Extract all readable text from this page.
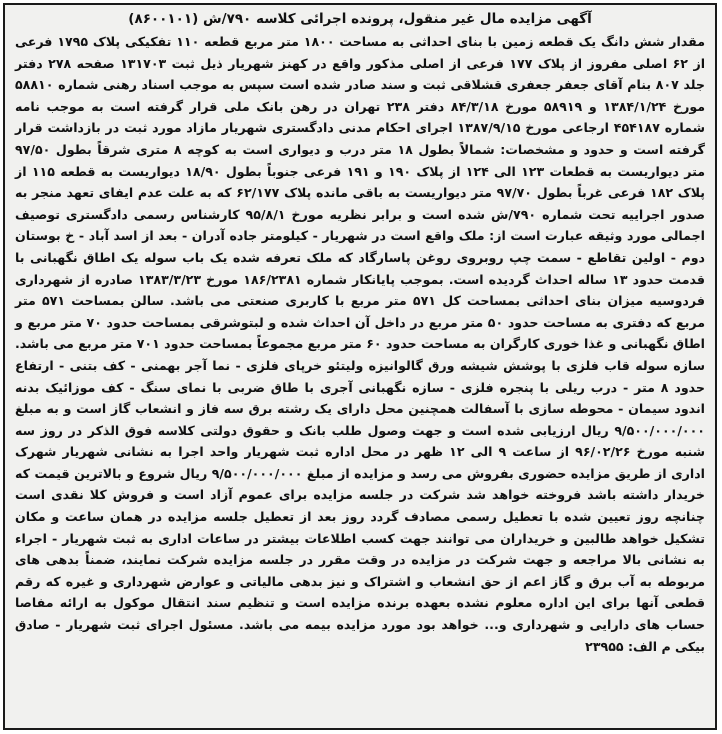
آگهی مزایده مال غیر منقول، پرونده اجرائی کلاسه ۷۹۰/ش (۸۶۰۰۱۰۱)

مقدار شش دانگ یک قطعه زمین با بنای احداثی به مساحت ۱۸۰۰ متر مربع قطعه ۱۱۰ تفکیکی پلاک ۱۷۹۵ فرعی از ۶۲ اصلی مفروز از پلاک ۱۷۷ فرعی از اصلی مذکور واقع در کهنز شهریار ذیل ثبت ۱۳۱۷۰۳ صفحه ۲۷۸ دفتر جلد ۸۰۷ بنام آقای جعفر جعفری قشلاقی ثبت و سند صادر شده است سپس به موجب اسناد رهنی شماره ۵۸۸۱۰ مورخ ۱۳۸۴/۱/۲۴ و ۵۸۹۱۹ مورخ ۸۴/۳/۱۸ دفتر ۲۳۸ تهران در رهن بانک ملی قرار گرفته است به موجب نامه شماره ۴۵۴۱۸۷ ارجاعی مورخ ۱۳۸۷/۹/۱۵ اجرای احکام مدنی دادگستری شهریار مازاد مورد ثبت در بازداشت قرار گرفته است و حدود و مشخصات: شمالاً بطول ۱۸ متر درب و دیواری است به کوچه ۸ متری شرقاً بطول ۹۷/۵۰ متر دیواریست به قطعات ۱۲۳ الی ۱۲۴ از پلاک ۱۹۰ و ۱۹۱ فرعی جنوباً بطول ۱۸/۹۰ دیواریست به قطعه ۱۱۵ از پلاک ۱۸۲ فرعی غرباً بطول ۹۷/۷۰ متر دیواریست به باقی مانده پلاک ۶۲/۱۷۷ که به علت عدم ایفای تعهد منجر به صدور اجراییه تحت شماره ۷۹۰/ش شده است و برابر نظریه مورخ ۹۵/۸/۱ کارشناس رسمی دادگستری توصیف اجمالی مورد وثیقه عبارت است از: ملک واقع است در شهریار - کیلومتر جاده آدران - بعد از اسد آباد - خ بوستان دوم - اولین تقاطع - سمت چپ روبروی روغن پاسارگاد که ملک تعرفه شده یک باب سوله یک اطاق نگهبانی با قدمت حدود ۱۳ ساله احداث گردیده است. بموجب پایانکار شماره ۱۸۶/۲۳۸۱ مورخ ۱۳۸۳/۳/۲۳ صادره از شهرداری فردوسیه میزان بنای احداثی بمساحت کل ۵۷۱ متر مربع با کاربری صنعتی می باشد. سالن بمساحت ۵۷۱ متر مربع که دفتری به مساحت حدود ۵۰ متر مربع در داخل آن احداث شده و لبتوشرقی بمساحت حدود ۷۰ متر مربع و اطاق نگهبانی و غذا خوری کارگران به مساحت حدود ۶۰ متر مربع مجموعاً بمساحت حدود ۷۰۱ متر مربع می باشد. سازه سوله قاب فلزی با پوشش شیشه ورق گالوانیزه ولیتئو خرپای فلزی - نما آجر بهمنی - کف بتنی - ارتفاع حدود ۸ متر - درب ریلی با پنجره فلزی - سازه نگهبانی آجری با طاق ضربی با نمای سنگ - کف موزائیک بدنه اندود سیمان - محوطه سازی با آسفالت همچنین محل دارای یک رشته برق سه فاز و انشعاب گاز است و به مبلغ ۹/۵۰۰/۰۰۰/۰۰۰ ریال ارزیابی شده است و جهت وصول طلب بانک و حقوق دولتی کلاسه فوق الذکر در روز سه شنبه مورخ ۹۶/۰۲/۲۶ از ساعت ۹ الی ۱۲ ظهر در محل اداره ثبت شهریار واحد اجرا به نشانی شهریار شهرک اداری از طریق مزایده حضوری بفروش می رسد و مزایده از مبلغ ۹/۵۰۰/۰۰۰/۰۰۰ ریال شروع و بالاترین قیمت که خریدار داشته باشد فروخته خواهد شد شرکت در جلسه مزایده برای عموم آزاد است و فروش کلا نقدی است چنانچه روز تعیین شده با تعطیل رسمی مصادف گردد روز بعد از تعطیل جلسه مزایده در همان ساعت و مکان تشکیل خواهد طالبین و خریداران می توانند جهت کسب اطلاعات بیشتر در ساعات اداری به ثبت شهریار - اجراء به نشانی بالا مراجعه و جهت شرکت در مزایده در وقت مقرر در جلسه مزایده شرکت نمایند، ضمناً بدهی های مربوطه به آب برق و گاز اعم از حق انشعاب و اشتراک و نیز بدهی مالیاتی و عوارض شهرداری و غیره که رقم قطعی آنها برای این اداره معلوم نشده بعهده برنده مزایده است و تنظیم سند انتقال موکول به ارائه مفاصا حساب های دارایی و شهرداری و... خواهد بود مورد مزایده بیمه می باشد. مسئول اجرای ثبت شهریار - صادق بیکی م الف: ۲۳۹۵۵
